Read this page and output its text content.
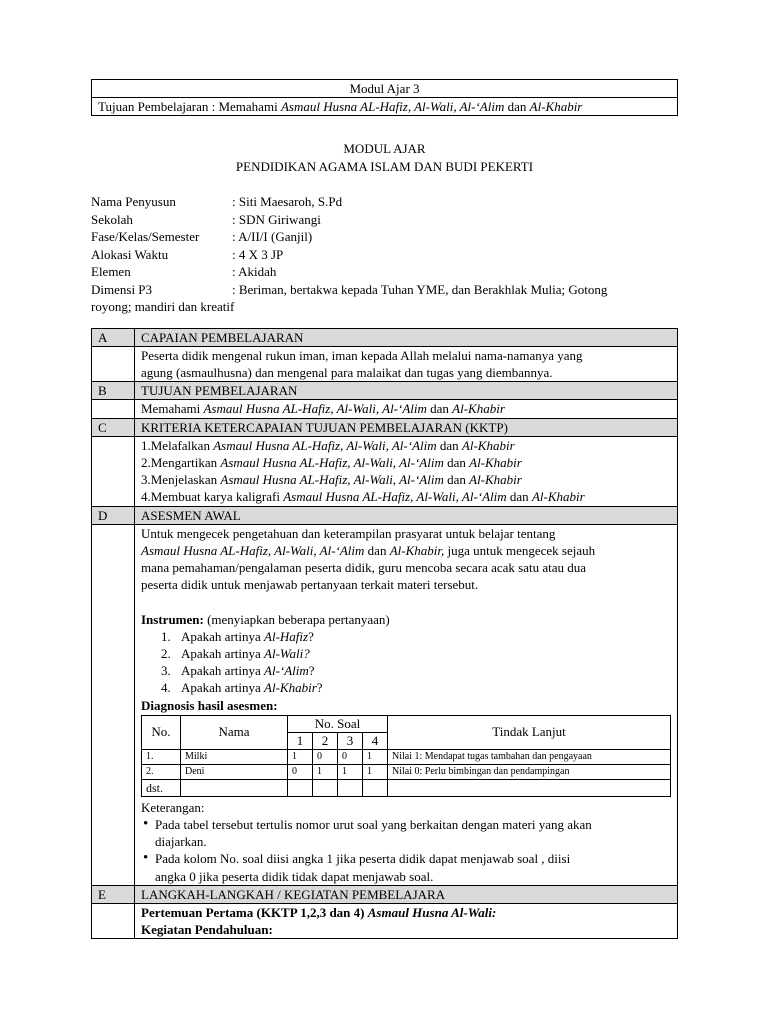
Modul Ajar 3
Tujuan Pembelajaran : Memahami Asmaul Husna AL-Hafiz, Al-Wali, Al-‘Alim dan Al-Khabir
MODUL AJAR
PENDIDIKAN AGAMA ISLAM DAN BUDI PEKERTI
Nama Penyusun	: Siti Maesaroh, S.Pd
Sekolah	: SDN Giriwangi
Fase/Kelas/Semester	: A/II/I (Ganjil)
Alokasi Waktu	: 4 X 3 JP
Elemen	: Akidah
Dimensi P3	: Beriman, bertakwa kepada Tuhan YME, dan Berakhlak Mulia; Gotong
royong; mandiri dan kreatif
A	CAPAIAN PEMBELAJARAN

Peserta didik mengenal rukun iman, iman kepada Allah melalui nama-namanya yang
agung (asmaulhusna) dan mengenal para malaikat dan tugas yang diembannya.

B	TUJUAN PEMBELAJARAN
	Memahami Asmaul Husna AL-Hafiz, Al-Wali, Al-‘Alim dan Al-Khabir
C	KRITERIA KETERCAPAIAN TUJUAN PEMBELAJARAN (KKTP)

1.Melafalkan Asmaul Husna AL-Hafiz, Al-Wali, Al-‘Alim dan Al-Khabir
2.Mengartikan Asmaul Husna AL-Hafiz, Al-Wali, Al-‘Alim dan Al-Khabir
3.Menjelaskan Asmaul Husna AL-Hafiz, Al-Wali, Al-‘Alim dan Al-Khabir
4.Membuat karya kaligrafi Asmaul Husna AL-Hafiz, Al-Wali, Al-‘Alim dan Al-Khabir

D	ASESMEN AWAL

Untuk mengecek pengetahuan dan keterampilan prasyarat untuk belajar tentang
Asmaul Husna AL-Hafiz, Al-Wali, Al-‘Alim dan Al-Khabir, juga untuk mengecek sejauh
mana pemahaman/pengalaman peserta didik, guru mencoba secara acak satu atau dua
peserta didik untuk menjawab pertanyaan terkait materi tersebut.
Instrumen: (menyiapkan beberapa pertanyaan)
1. Apakah artinya Al-Hafiz?
2. Apakah artinya Al-Wali?
3. Apakah artinya Al-‘Alim?
4. Apakah artinya Al-Khabir?
Diagnosis hasil asesmen:
No.	Nama	No. Soal	Tindak Lanjut
1	2	3	4
1.	Milki	1	0	0	1	Nilai 1: Mendapat tugas tambahan dan pengayaan
2.	Deni	0	1	1	1	Nilai 0: Perlu bimbingan dan pendampingan
dst.						
Keterangan:
• Pada tabel tersebut tertulis nomor urut soal yang berkaitan dengan materi yang akan
diajarkan.
• Pada kolom No. soal diisi angka 1 jika peserta didik dapat menjawab soal , diisi
angka 0 jika peserta didik tidak dapat menjawab soal.

E	LANGKAH-LANGKAH / KEGIATAN PEMBELAJARA

Pertemuan Pertama (KKTP 1,2,3 dan 4) Asmaul Husna Al-Wali:
Kegiatan Pendahuluan:
